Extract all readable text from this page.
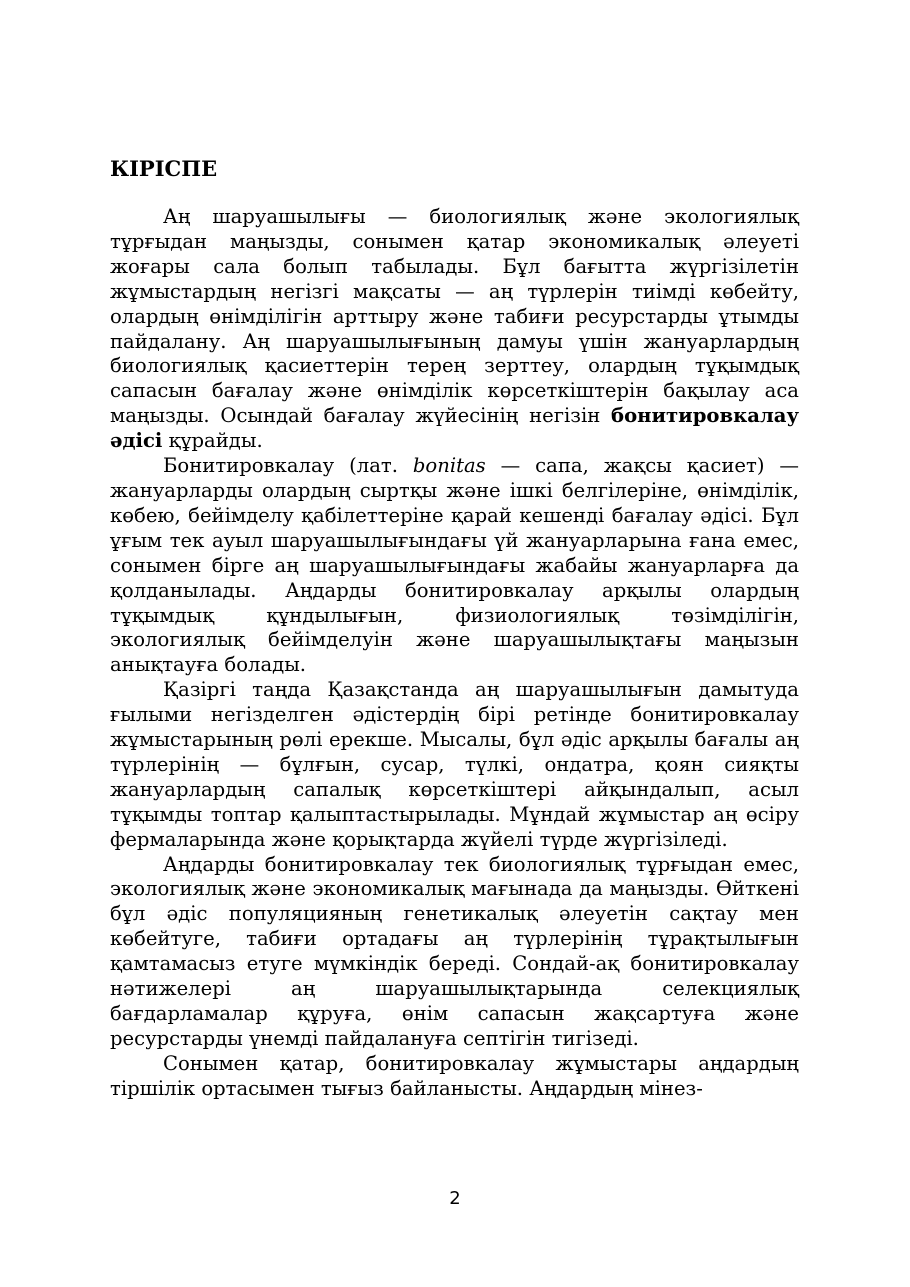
КІРІСПЕ

Аң шаруашылығы — биологиялық және экологиялық тұрғыдан маңызды, сонымен қатар экономикалық әлеуеті жоғары сала болып табылады. Бұл бағытта жүргізілетін жұмыстардың негізгі мақсаты — аң түрлерін тиімді көбейту, олардың өнімділігін арттыру және табиғи ресурстарды ұтымды пайдалану. Аң шаруашылығының дамуы үшін жануарлардың биологиялық қасиеттерін терең зерттеу, олардың тұқымдық сапасын бағалау және өнімділік көрсеткіштерін бақылау аса маңызды. Осындай бағалау жүйесінің негізін бонитировкалау әдісі құрайды.

Бонитировкалау (лат. bonitas — сапа, жақсы қасиет) — жануарларды олардың сыртқы және ішкі белгілеріне, өнімділік, көбею, бейімделу қабілеттеріне қарай кешенді бағалау әдісі. Бұл ұғым тек ауыл шаруашылығындағы үй жануарларына ғана емес, сонымен бірге аң шаруашылығындағы жабайы жануарларға да қолданылады. Аңдарды бонитировкалау арқылы олардың тұқымдық құндылығын, физиологиялық төзімділігін, экологиялық бейімделуін және шаруашылықтағы маңызын анықтауға болады.

Қазіргі таңда Қазақстанда аң шаруашылығын дамытуда ғылыми негізделген әдістердің бірі ретінде бонитировкалау жұмыстарының рөлі ерекше. Мысалы, бұл әдіс арқылы бағалы аң түрлерінің — бұлғын, сусар, түлкі, ондатра, қоян сияқты жануарлардың сапалық көрсеткіштері айқындалып, асыл тұқымды топтар қалыптастырылады. Мұндай жұмыстар аң өсіру фермаларында және қорықтарда жүйелі түрде жүргізіледі.

Аңдарды бонитировкалау тек биологиялық тұрғыдан емес, экологиялық және экономикалық мағынада да маңызды. Өйткені бұл әдіс популяцияның генетикалық әлеуетін сақтау мен көбейтуге, табиғи ортадағы аң түрлерінің тұрақтылығын қамтамасыз етуге мүмкіндік береді. Сондай-ақ бонитировкалау нәтижелері аң шаруашылықтарында селекциялық бағдарламалар құруға, өнім сапасын жақсартуға және ресурстарды үнемді пайдалануға септігін тигізеді.

Сонымен қатар, бонитировкалау жұмыстары аңдардың тіршілік ортасымен тығыз байланысты. Аңдардың мінез-

2
